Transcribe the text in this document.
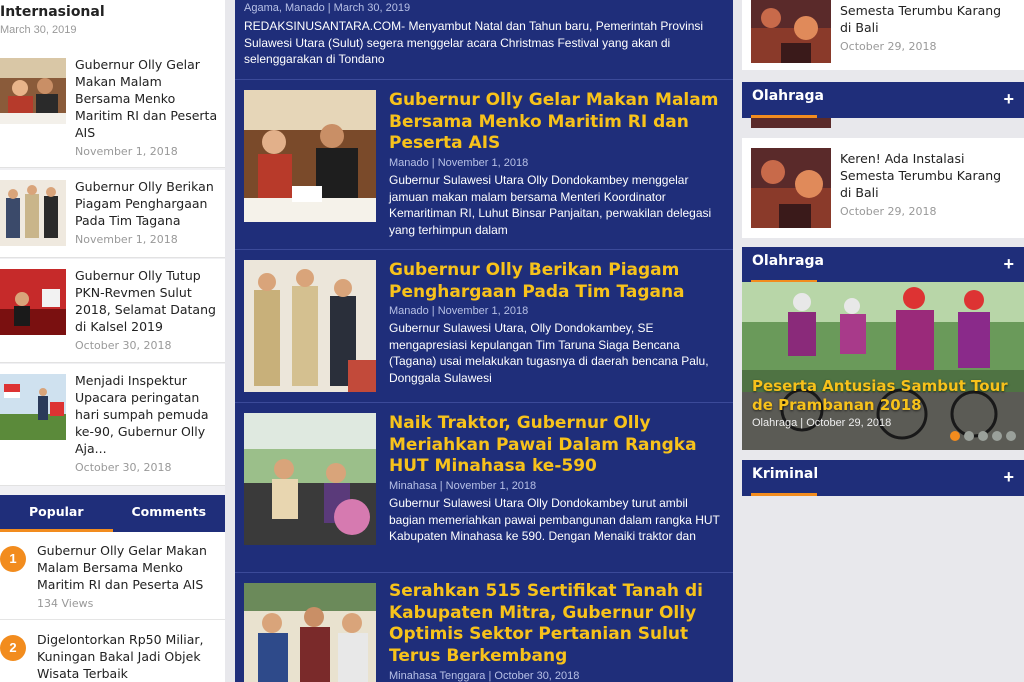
Internasional
March 30, 2019
Gubernur Olly Gelar Makan Malam Bersama Menko Maritim RI dan Peserta AIS
November 1, 2018
Gubernur Olly Berikan Piagam Penghargaan Pada Tim Tagana
November 1, 2018
Gubernur Olly Tutup PKN-Revmen Sulut 2018, Selamat Datang di Kalsel 2019
October 30, 2018
Menjadi Inspektur Upacara peringatan hari sumpah pemuda ke-90, Gubernur Olly Aja...
October 30, 2018
Popular	Comments
1
Gubernur Olly Gelar Makan Malam Bersama Menko Maritim RI dan Peserta AIS
134 Views
2
Digelontorkan Rp50 Miliar, Kuningan Bakal Jadi Objek Wisata Terbaik
Agama, Manado | March 30, 2019
REDAKSINUSANTARA.COM- Menyambut Natal dan Tahun baru, Pemerintah Provinsi Sulawesi Utara (Sulut) segera menggelar acara Christmas Festival yang akan di selenggarakan di Tondano
Gubernur Olly Gelar Makan Malam Bersama Menko Maritim RI dan Peserta AIS
Manado | November 1, 2018
Gubernur Sulawesi Utara Olly Dondokambey menggelar jamuan makan malam bersama Menteri Koordinator Kemaritiman RI, Luhut Binsar Panjaitan, perwakilan delegasi yang terhimpun dalam
Gubernur Olly Berikan Piagam Penghargaan Pada Tim Tagana
Manado | November 1, 2018
Gubernur Sulawesi Utara, Olly Dondokambey, SE mengapresiasi kepulangan Tim Taruna Siaga Bencana (Tagana) usai melakukan tugasnya di daerah bencana Palu, Donggala Sulawesi
Naik Traktor, Gubernur Olly Meriahkan Pawai Dalam Rangka HUT Minahasa ke-590
Minahasa | November 1, 2018
Gubernur Sulawesi Utara Olly Dondokambey turut ambil bagian memeriahkan pawai pembangunan dalam rangka HUT Kabupaten Minahasa ke 590. Dengan Menaiki traktor dan
Serahkan 515 Sertifikat Tanah di Kabupaten Mitra, Gubernur Olly Optimis Sektor Pertanian Sulut Terus Berkembang
Minahasa Tenggara | October 30, 2018
Semesta Terumbu Karang di Bali
October 29, 2018
Olahraga	+
Keren! Ada Instalasi Semesta Terumbu Karang di Bali
October 29, 2018
Olahraga	+
Peserta Antusias Sambut Tour de Prambanan 2018
Olahraga | October 29, 2018
Kriminal	+
